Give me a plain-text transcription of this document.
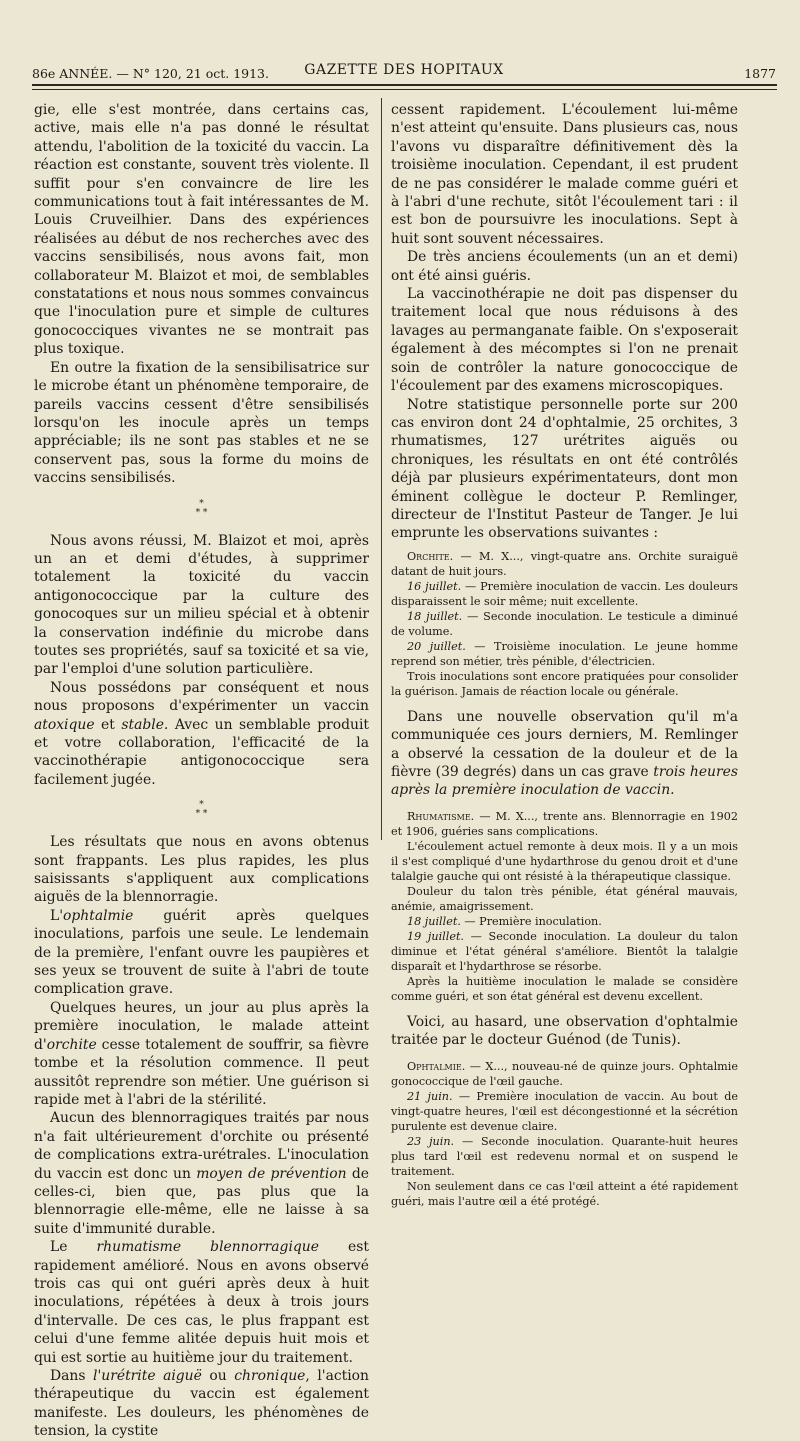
86e ANNÉE. — N° 120, 21 oct. 1913.	GAZETTE DES HOPITAUX	1877

gie, elle s'est montrée, dans certains cas, active, mais elle n'a pas donné le résultat attendu, l'abolition de la toxicité du vaccin. La réaction est constante, souvent très violente. Il suffit pour s'en convaincre de lire les communications tout à fait intéressantes de M. Louis Cruveilhier. Dans des expériences réalisées au début de nos recherches avec des vaccins sensibilisés, nous avons fait, mon collaborateur M. Blaizot et moi, de semblables constatations et nous nous sommes convaincus que l'inoculation pure et simple de cultures gonococciques vivantes ne se montrait pas plus toxique.

En outre la fixation de la sensibilisatrice sur le microbe étant un phénomène temporaire, de pareils vaccins cessent d'être sensibilisés lorsqu'on les inocule après un temps appréciable; ils ne sont pas stables et ne se conservent pas, sous la forme du moins de vaccins sensibilisés.

*
* *

Nous avons réussi, M. Blaizot et moi, après un an et demi d'études, à supprimer totalement la toxicité du vaccin antigonococcique par la culture des gonocoques sur un milieu spécial et à obtenir la conservation indéfinie du microbe dans toutes ses propriétés, sauf sa toxicité et sa vie, par l'emploi d'une solution particulière.

Nous possédons par conséquent et nous nous proposons d'expérimenter un vaccin atoxique et stable. Avec un semblable produit et votre collaboration, l'efficacité de la vaccinothérapie antigonococcique sera facilement jugée.

*
* *

Les résultats que nous en avons obtenus sont frappants. Les plus rapides, les plus saisissants s'appliquent aux complications aiguës de la blennorragie.

L'ophtalmie guérit après quelques inoculations, parfois une seule. Le lendemain de la première, l'enfant ouvre les paupières et ses yeux se trouvent de suite à l'abri de toute complication grave.

Quelques heures, un jour au plus après la première inoculation, le malade atteint d'orchite cesse totalement de souffrir, sa fièvre tombe et la résolution commence. Il peut aussitôt reprendre son métier. Une guérison si rapide met à l'abri de la stérilité.

Aucun des blennorragiques traités par nous n'a fait ultérieurement d'orchite ou présenté de complications extra-urétrales. L'inoculation du vaccin est donc un moyen de prévention de celles-ci, bien que, pas plus que la blennorragie elle-même, elle ne laisse à sa suite d'immunité durable.

Le rhumatisme blennorragique est rapidement amélioré. Nous en avons observé trois cas qui ont guéri après deux à huit inoculations, répétées à deux à trois jours d'intervalle. De ces cas, le plus frappant est celui d'une femme alitée depuis huit mois et qui est sortie au huitième jour du traitement.

Dans l'urétrite aiguë ou chronique, l'action thérapeutique du vaccin est également manifeste. Les douleurs, les phénomènes de tension, la cystite

cessent rapidement. L'écoulement lui-même n'est atteint qu'ensuite. Dans plusieurs cas, nous l'avons vu disparaître définitivement dès la troisième inoculation. Cependant, il est prudent de ne pas considérer le malade comme guéri et à l'abri d'une rechute, sitôt l'écoulement tari : il est bon de poursuivre les inoculations. Sept à huit sont souvent nécessaires.

De très anciens écoulements (un an et demi) ont été ainsi guéris.

La vaccinothérapie ne doit pas dispenser du traitement local que nous réduisons à des lavages au permanganate faible. On s'exposerait également à des mécomptes si l'on ne prenait soin de contrôler la nature gonococcique de l'écoulement par des examens microscopiques.

Notre statistique personnelle porte sur 200 cas environ dont 24 d'ophtalmie, 25 orchites, 3 rhumatismes, 127 urétrites aiguës ou chroniques, les résultats en ont été contrôlés déjà par plusieurs expérimentateurs, dont mon éminent collègue le docteur P. Remlinger, directeur de l'Institut Pasteur de Tanger. Je lui emprunte les observations suivantes :

Orchite. — M. X..., vingt-quatre ans. Orchite suraiguë datant de huit jours.

16 juillet. — Première inoculation de vaccin. Les douleurs disparaissent le soir même; nuit excellente.

18 juillet. — Seconde inoculation. Le testicule a diminué de volume.

20 juillet. — Troisième inoculation. Le jeune homme reprend son métier, très pénible, d'électricien.

Trois inoculations sont encore pratiquées pour consolider la guérison. Jamais de réaction locale ou générale.

Dans une nouvelle observation qu'il m'a communiquée ces jours derniers, M. Remlinger a observé la cessation de la douleur et de la fièvre (39 degrés) dans un cas grave trois heures après la première inoculation de vaccin.

Rhumatisme. — M. X..., trente ans. Blennorragie en 1902 et 1906, guéries sans complications.

L'écoulement actuel remonte à deux mois. Il y a un mois il s'est compliqué d'une hydarthrose du genou droit et d'une talalgie gauche qui ont résisté à la thérapeutique classique.

Douleur du talon très pénible, état général mauvais, anémie, amaigrissement.

18 juillet. — Première inoculation.

19 juillet. — Seconde inoculation. La douleur du talon diminue et l'état général s'améliore. Bientôt la talalgie disparaît et l'hydarthrose se résorbe.

Après la huitième inoculation le malade se considère comme guéri, et son état général est devenu excellent.

Voici, au hasard, une observation d'ophtalmie traitée par le docteur Guénod (de Tunis).

Ophtalmie. — X..., nouveau-né de quinze jours. Ophtalmie gonococcique de l'œil gauche.

21 juin. — Première inoculation de vaccin. Au bout de vingt-quatre heures, l'œil est décongestionné et la sécrétion purulente est devenue claire.

23 juin. — Seconde inoculation. Quarante-huit heures plus tard l'œil est redevenu normal et on suspend le traitement.

Non seulement dans ce cas l'œil atteint a été rapidement guéri, mais l'autre œil a été protégé.
